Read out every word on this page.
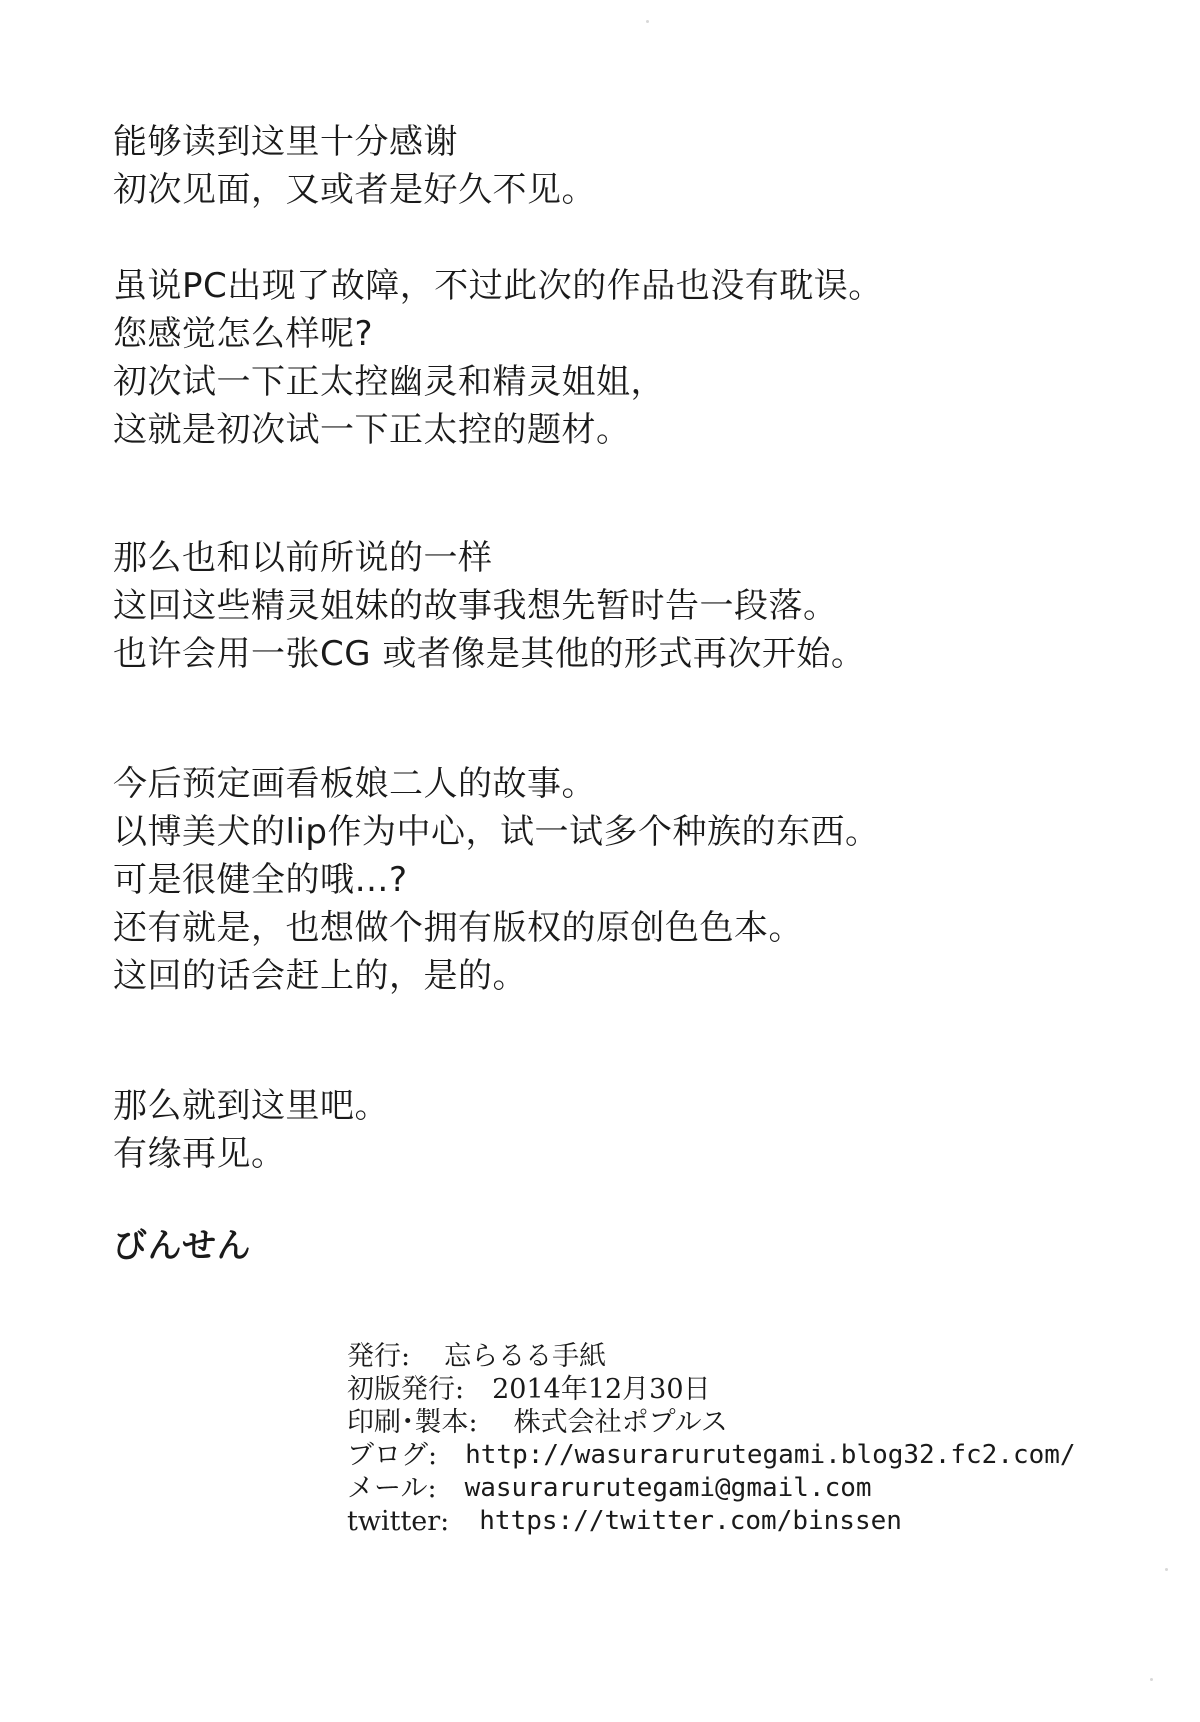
能够读到这里十分感谢
初次见面，又或者是好久不见。
虽说PC出现了故障，不过此次的作品也没有耽误。
您感觉怎么样呢?
初次试一下正太控幽灵和精灵姐姐，
这就是初次试一下正太控的题材。
那么也和以前所说的一样
这回这些精灵姐妹的故事我想先暂时告一段落。
也许会用一张CG 或者像是其他的形式再次开始。
今后预定画看板娘二人的故事。
以博美犬的lip作为中心，试一试多个种族的东西。
可是很健全的哦…?
还有就是，也想做个拥有版权的原创色色本。
这回的话会赶上的，是的。
那么就到这里吧。
有缘再见。
びんせん
発行: 忘らるる手紙
初版発行: 2014年12月30日
印刷･製本: 株式会社ポプルス
ブログ: http://wasurarurutegami.blog32.fc2.com/
メール: wasurarurutegami@gmail.com
twitter: https://twitter.com/binssen
